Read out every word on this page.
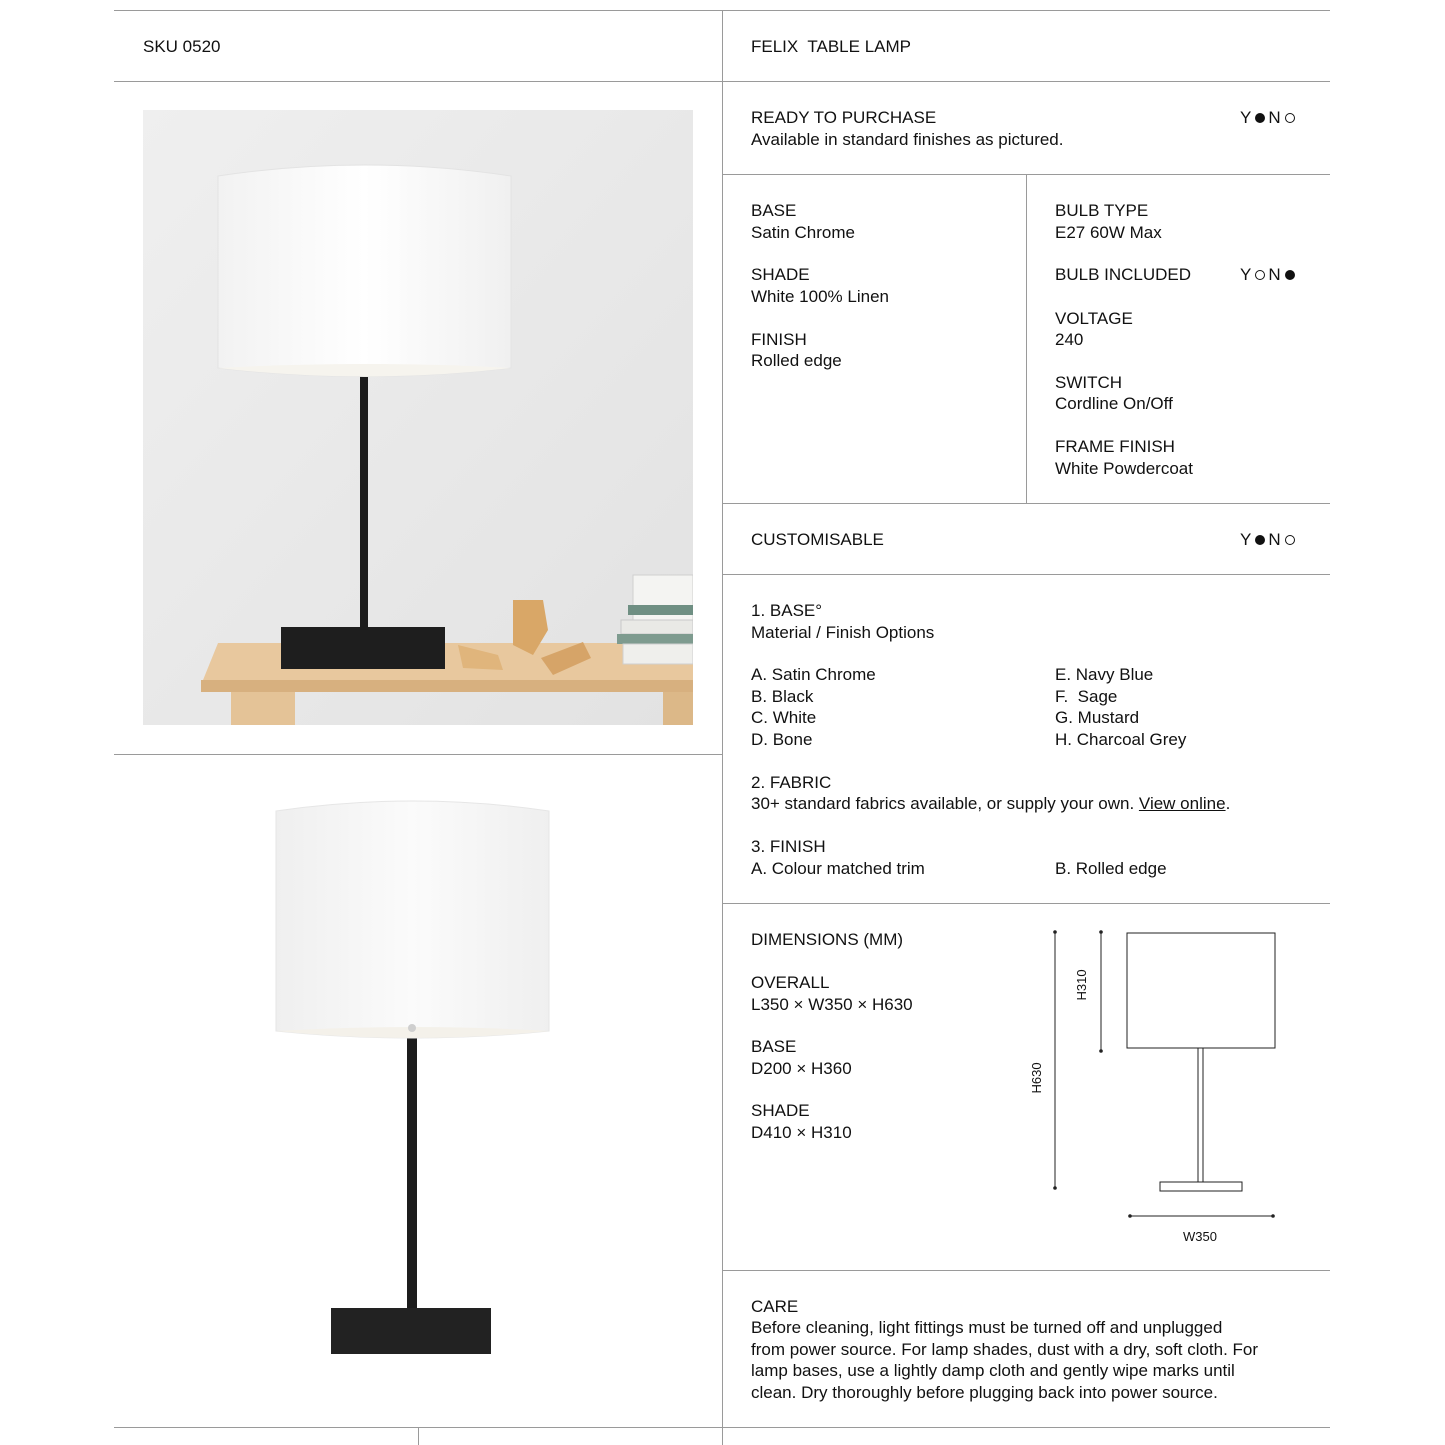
SKU 0520	FELIX  TABLE LAMP
READY TO PURCHASE
Available in standard finishes as pictured.
Y N
BASE
Satin Chrome
SHADE
White 100% Linen
FINISH
Rolled edge
BULB TYPE
E27 60W Max
BULB INCLUDED	Y N
VOLTAGE
240
SWITCH
Cordline On/Off
FRAME FINISH
White Powdercoat
CUSTOMISABLE	Y N
1. BASE°
Material / Finish Options
A. Satin Chrome
B. Black
C. White
D. Bone
E. Navy Blue
F.  Sage
G. Mustard
H. Charcoal Grey
2. FABRIC
30+ standard fabrics available, or supply your own. View online.
3. FINISH
A. Colour matched trim	B. Rolled edge
DIMENSIONS (MM)
OVERALL
L350 × W350 × H630
BASE
D200 × H360
SHADE
D410 × H310
H630
H310
W350
CARE
Before cleaning, light fittings must be turned off and unplugged
from power source. For lamp shades, dust with a dry, soft cloth. For
lamp bases, use a lightly damp cloth and gently wipe marks until
clean. Dry thoroughly before plugging back into power source.
